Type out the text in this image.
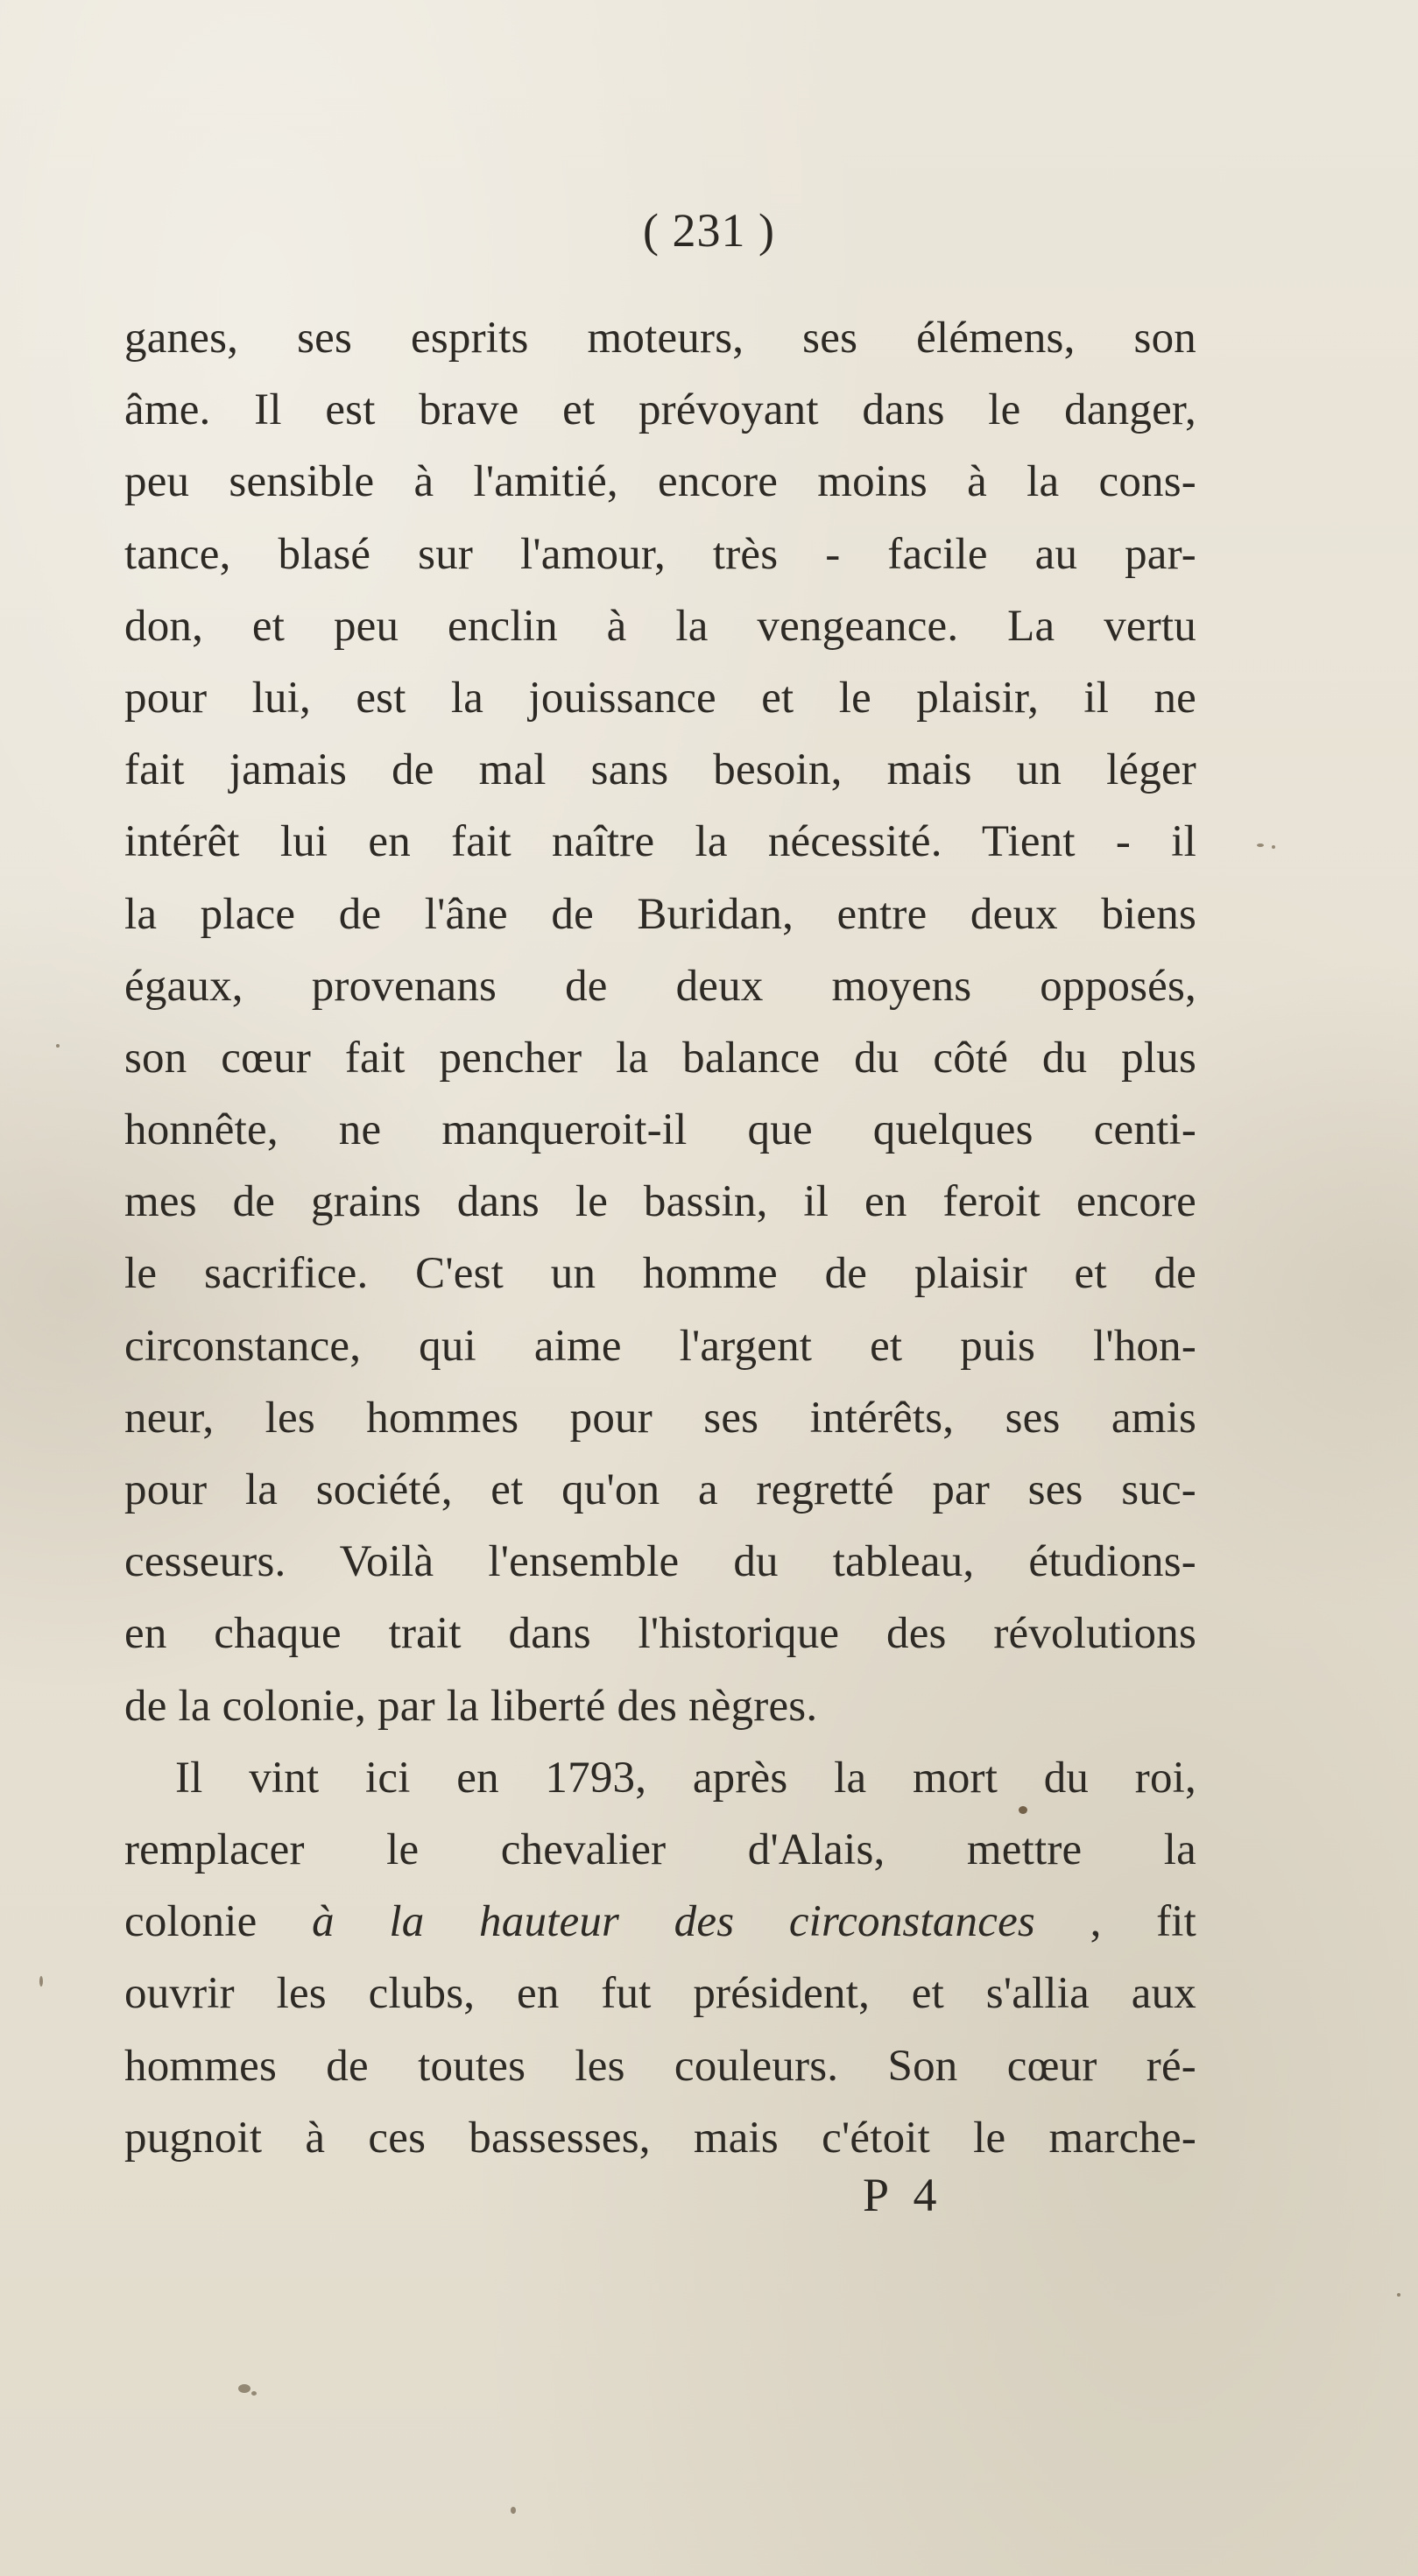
( 231 )
ganes, ses esprits moteurs, ses élémens, son
âme. Il est brave et prévoyant dans le danger,
peu sensible à l'amitié, encore moins à la cons-
tance, blasé sur l'amour, très - facile au par-
don, et peu enclin à la vengeance. La vertu
pour lui, est la jouissance et le plaisir, il ne
fait jamais de mal sans besoin, mais un léger
intérêt lui en fait naître la nécessité. Tient - il
la place de l'âne de Buridan, entre deux biens
égaux, provenans de deux moyens opposés,
son cœur fait pencher la balance du côté du plus
honnête, ne manqueroit-il que quelques centi-
mes de grains dans le bassin, il en feroit encore
le sacrifice. C'est un homme de plaisir et de
circonstance, qui aime l'argent et puis l'hon-
neur, les hommes pour ses intérêts, ses amis
pour la société, et qu'on a regretté par ses suc-
cesseurs. Voilà l'ensemble du tableau, étudions-
en chaque trait dans l'historique des révolutions
de la colonie, par la liberté des nègres.
Il vint ici en 1793, après la mort du roi,
remplacer le chevalier d'Alais, mettre la
colonie à la hauteur des circonstances , fit
ouvrir les clubs, en fut président, et s'allia aux
hommes de toutes les couleurs. Son cœur ré-
pugnoit à ces bassesses, mais c'étoit le marche-
P 4
